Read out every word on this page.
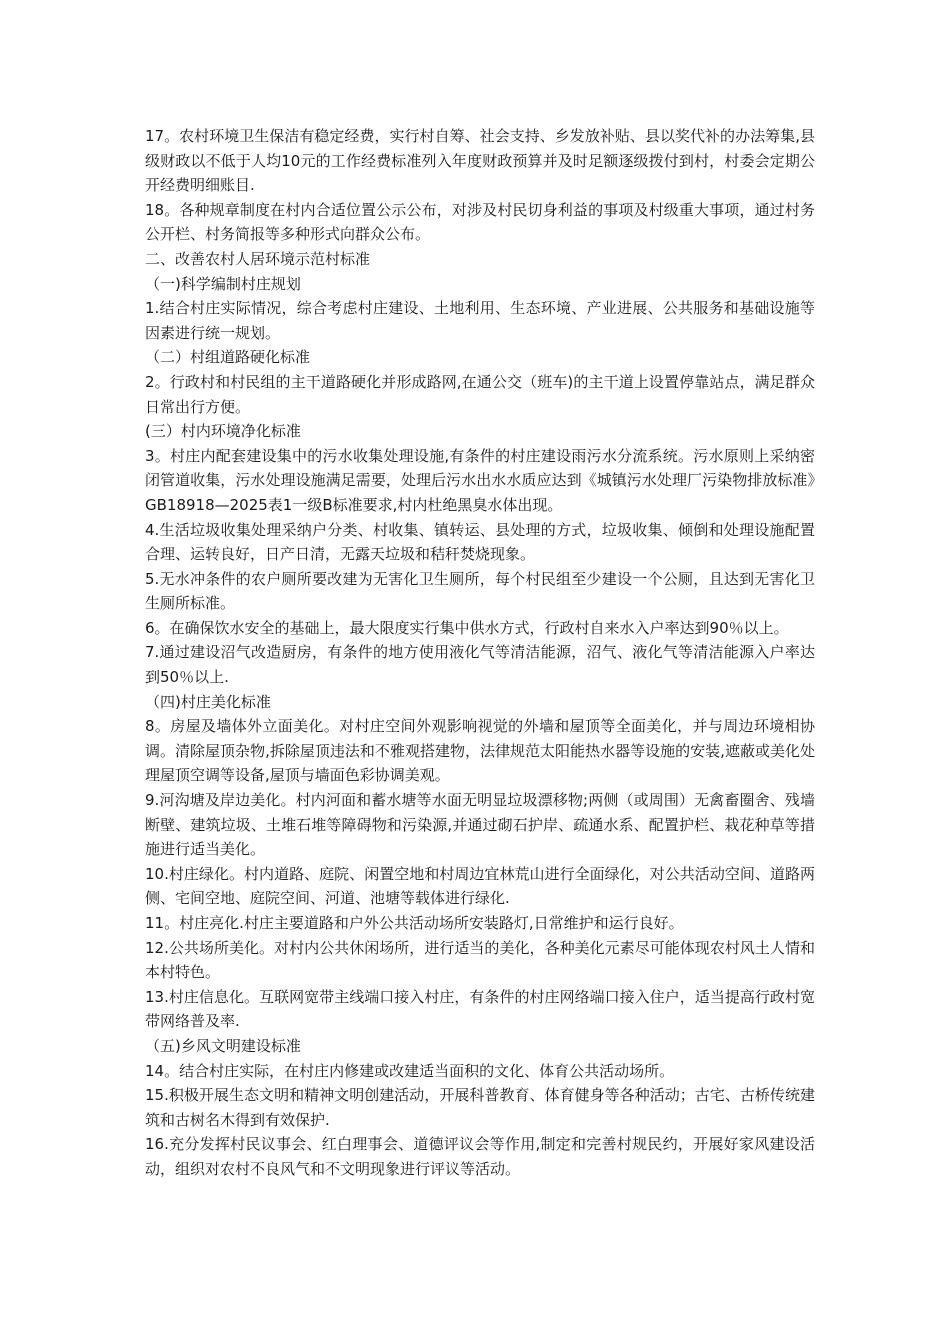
17。农村环境卫生保洁有稳定经费，实行村自筹、社会支持、乡发放补贴、县以奖代补的办法筹集,县级财政以不低于人均10元的工作经费标准列入年度财政预算并及时足额逐级拨付到村，村委会定期公开经费明细账目.

18。各种规章制度在村内合适位置公示公布，对涉及村民切身利益的事项及村级重大事项，通过村务公开栏、村务简报等多种形式向群众公布。

二、改善农村人居环境示范村标准

（一)科学编制村庄规划

1.结合村庄实际情况，综合考虑村庄建设、土地利用、生态环境、产业进展、公共服务和基础设施等因素进行统一规划。

（二）村组道路硬化标准

2。行政村和村民组的主干道路硬化并形成路网,在通公交（班车)的主干道上设置停靠站点，满足群众日常出行方便。

(三）村内环境净化标准

3。村庄内配套建设集中的污水收集处理设施,有条件的村庄建设雨污水分流系统。污水原则上采纳密闭管道收集，污水处理设施满足需要，处理后污水出水水质应达到《城镇污水处理厂污染物排放标准》GB18918—2025表1一级B标准要求,村内杜绝黑臭水体出现。

4.生活垃圾收集处理采纳户分类、村收集、镇转运、县处理的方式，垃圾收集、倾倒和处理设施配置合理、运转良好，日产日清，无露天垃圾和秸秆焚烧现象。

5.无水冲条件的农户厕所要改建为无害化卫生厕所，每个村民组至少建设一个公厕，且达到无害化卫生厕所标准。

6。在确保饮水安全的基础上，最大限度实行集中供水方式，行政村自来水入户率达到90％以上。

7.通过建设沼气改造厨房，有条件的地方使用液化气等清洁能源，沼气、液化气等清洁能源入户率达到50％以上.

（四)村庄美化标准

8。房屋及墙体外立面美化。对村庄空间外观影响视觉的外墙和屋顶等全面美化，并与周边环境相协调。清除屋顶杂物,拆除屋顶违法和不雅观搭建物，法律规范太阳能热水器等设施的安装,遮蔽或美化处理屋顶空调等设备,屋顶与墙面色彩协调美观。

9.河沟塘及岸边美化。村内河面和蓄水塘等水面无明显垃圾漂移物;两侧（或周围）无禽畜圈舍、残墙断壁、建筑垃圾、土堆石堆等障碍物和污染源,并通过砌石护岸、疏通水系、配置护栏、栽花种草等措施进行适当美化。

10.村庄绿化。村内道路、庭院、闲置空地和村周边宜林荒山进行全面绿化，对公共活动空间、道路两侧、宅间空地、庭院空间、河道、池塘等载体进行绿化.

11。村庄亮化.村庄主要道路和户外公共活动场所安装路灯,日常维护和运行良好。

12.公共场所美化。对村内公共休闲场所，进行适当的美化，各种美化元素尽可能体现农村风土人情和本村特色。

13.村庄信息化。互联网宽带主线端口接入村庄，有条件的村庄网络端口接入住户，适当提高行政村宽带网络普及率.

（五)乡风文明建设标准

14。结合村庄实际，在村庄内修建或改建适当面积的文化、体育公共活动场所。

15.积极开展生态文明和精神文明创建活动，开展科普教育、体育健身等各种活动；古宅、古桥传统建筑和古树名木得到有效保护.

16.充分发挥村民议事会、红白理事会、道德评议会等作用,制定和完善村规民约，开展好家风建设活动，组织对农村不良风气和不文明现象进行评议等活动。
